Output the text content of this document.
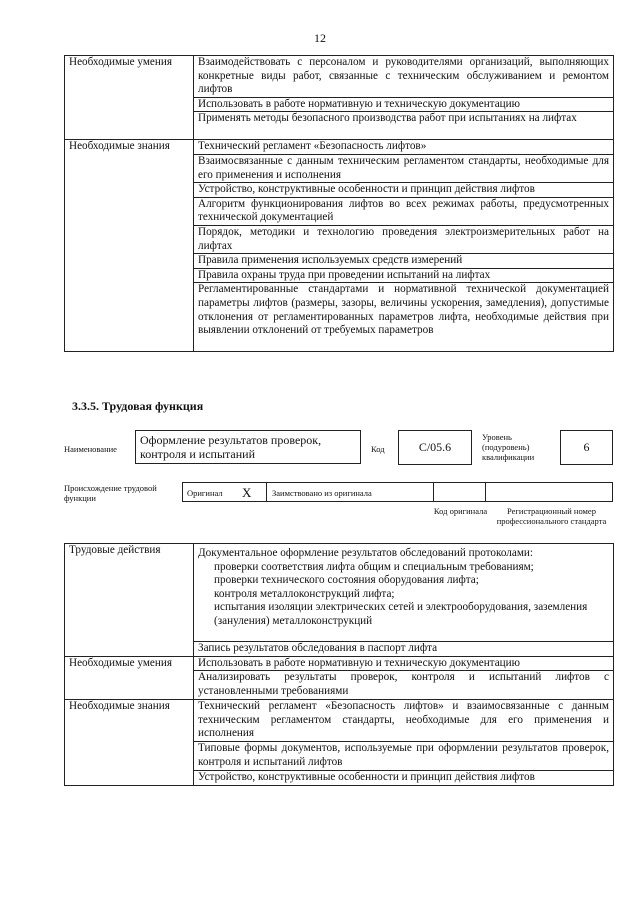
12
Необходимые умения	Взаимодействовать с персоналом и руководителями организаций, выполняющих конкретные виды работ, связанные с техническим обслуживанием и ремонтом лифтов
	Использовать в работе нормативную и техническую документацию
	Применять методы безопасного производства работ при испытаниях на лифтах
Необходимые знания	Технический регламент «Безопасность лифтов»
	Взаимосвязанные с данным техническим регламентом стандарты, необходимые для его применения и исполнения
	Устройство, конструктивные особенности и принцип действия лифтов
	Алгоритм функционирования лифтов во всех режимах работы, предусмотренных технической документацией
	Порядок, методики и технологию проведения электроизмерительных работ на лифтах
	Правила применения используемых средств измерений
	Правила охраны труда при проведении испытаний на лифтах
	Регламентированные стандартами и нормативной технической документацией параметры лифтов (размеры, зазоры, величины ускорения, замедления), допустимые отклонения от регламентированных параметров лифта, необходимые действия при выявлении отклонений от требуемых параметров
3.3.5. Трудовая функция
Наименование
Оформление результатов проверок, контроля и испытаний	Код	С/05.6
Уровень (подуровень) квалификации
6
Происхождение трудовой функции	Оригинал X Заимствовано из оригинала
Код оригинала	Регистрационный номер профессионального стандарта
Трудовые действия	Документальное оформление результатов обследований протоколами:
проверки соответствия лифта общим и специальным требованиям;
проверки технического состояния оборудования лифта;
контроля металлоконструкций лифта;
испытания изоляции электрических сетей и электрооборудования, заземления (зануления) металлоконструкций

	Запись результатов обследования в паспорт лифта
Необходимые умения	Использовать в работе нормативную и техническую документацию
	Анализировать результаты проверок, контроля и испытаний лифтов с установленными требованиями
Необходимые знания	Технический регламент «Безопасность лифтов» и взаимосвязанные с данным техническим регламентом стандарты, необходимые для его применения и исполнения
	Типовые формы документов, используемые при оформлении результатов проверок, контроля и испытаний лифтов
	Устройство, конструктивные особенности и принцип действия лифтов
